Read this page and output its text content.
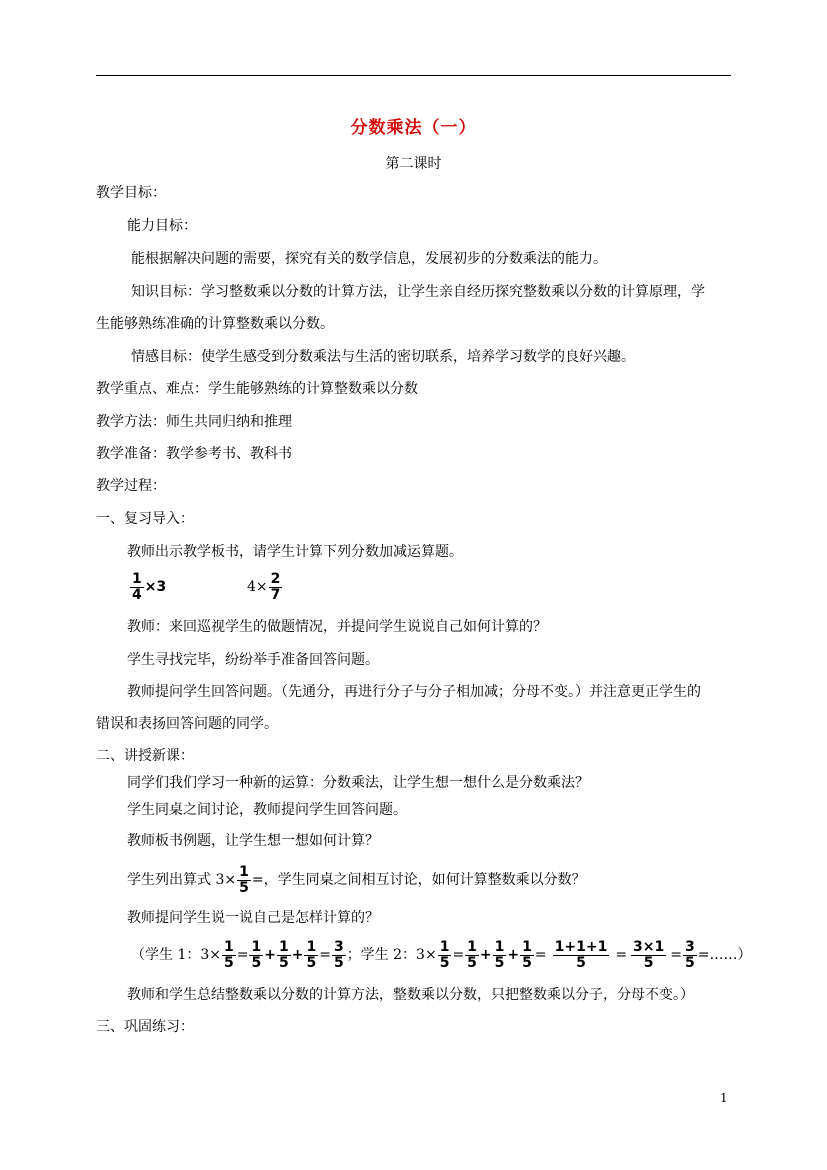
分数乘法（一）
第二课时
教学目标：
能力目标：
能根据解决问题的需要，探究有关的数学信息，发展初步的分数乘法的能力。
知识目标：学习整数乘以分数的计算方法，让学生亲自经历探究整数乘以分数的计算原理，学
生能够熟练准确的计算整数乘以分数。
情感目标：使学生感受到分数乘法与生活的密切联系，培养学习数学的良好兴趣。
教学重点、难点：学生能够熟练的计算整数乘以分数
教学方法：师生共同归纳和推理
教学准备：教学参考书、教科书
教学过程：
一、复习导入：
教师出示教学板书，请学生计算下列分数加减运算题。
$\frac{1}{4} \times 3$	$4\times \frac{2}{7}$
教师：来回巡视学生的做题情况，并提问学生说说自己如何计算的？
学生寻找完毕，纷纷举手准备回答问题。
教师提问学生回答问题。（先通分，再进行分子与分子相加减；分母不变。）并注意更正学生的
错误和表扬回答问题的同学。
二、讲授新课：
同学们我们学习一种新的运算：分数乘法，让学生想一想什么是分数乘法？
学生同桌之间讨论，教师提问学生回答问题。
教师板书例题，让学生想一想如何计算？
学生列出算式 $3\times \frac{1}{5}$ =，学生同桌之间相互讨论，如何计算整数乘以分数？
教师提问学生说一说自己是怎样计算的？
（学生 1：$3\times \frac{1}{5} = \frac{1}{5} + \frac{1}{5} + \frac{1}{5} = \frac{3}{5}$ ；学生 2：$3\times \frac{1}{5} = \frac{1}{5} + \frac{1}{5} + \frac{1}{5} = \frac{1+1+1}{5} = \frac{3\times 1}{5} = \frac{3}{5}$ =……）
教师和学生总结整数乘以分数的计算方法，整数乘以分数，只把整数乘以分子，分母不变。）
三、巩固练习：
1
